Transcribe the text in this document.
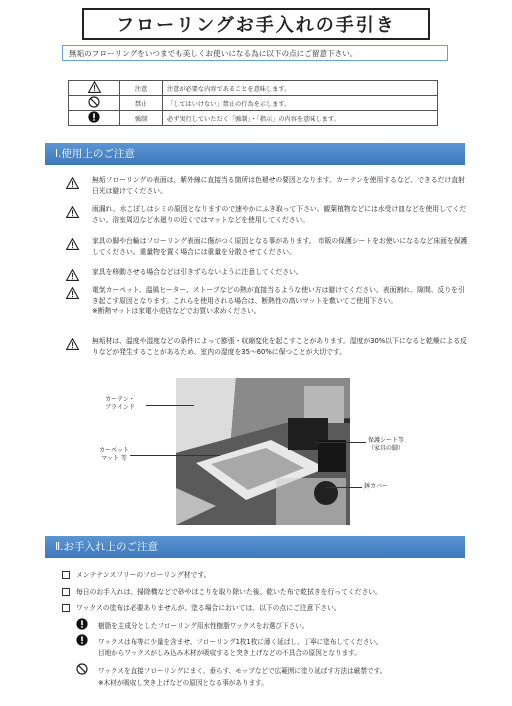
フローリングお手入れの手引き
無垢のフローリングをいつまでも美しくお使いになる為に以下の点にご留意下さい。
	注意	注意が必要な内容であることを意味します。
	禁止	「してはいけない」禁止の行為を示します。
	強制	必ず実行していただく「強制」・「指示」の内容を意味します。
Ⅰ.使用上のご注意
無垢フローリングの表面は、紫外線に直接当る箇所は色褪せの要因となります。カーテンを使用するなど、できるだけ直射日光は避けてください。
雨漏れ、水こぼしはシミの原因となりますので速やかにふき取って下さい。観葉植物などには水受け皿などを使用してください。浴室周辺など水廻りの近くではマットなどを使用してください。
家具の脚や台輪はフローリング表面に傷がつく原因となる事があります。 市販の保護シートをお使いになるなど床面を保護してください。重量物を置く場合には重量を分散させてください。
家具を移動させる場合などは引きずらないように注意してください。
電気カーペット、温風ヒーター、ストーブなどの熱が直接当るような使い方は避けてください。表面割れ、隙間、反りを引き起こす原因となります。これらを使用される場合は、断熱性の高いマットを敷いてご使用下さい。
※断熱マットは家電小売店などでお買い求めください。
無垢材は、温度や湿度などの条件によって膨張・収縮変化を起こすことがあります。湿度が30%以下になると乾燥による反りなどが発生することがあるため、室内の湿度を35～60%に保つことが大切です。
カーテン・
ブラインド
カーペット
マット 等
保護シート等
（家具の脚）
鉢カバー
Ⅱ.お手入れ上のご注意
メンテナンスフリーのフローリング材です。
毎日のお手入れは、掃除機などで砂やほこりを取り除いた後、乾いた布で乾拭きを行ってください。
ワックスの塗布は必要ありませんが、塗る場合においては、以下の点にご注意下さい。
樹脂を主成分としたフローリング用水性樹脂ワックスをお選び下さい。
ワックスは布等に少量を含ませ、フローリング1枚1枚に薄く延ばし、丁寧に塗布してください。
目地からワックスがしみ込み木材が吸収すると突き上げなどの不具合の原因となります。
ワックスを直接フローリングにまく、垂らす、モップなどで広範囲に塗り延ばす方法は厳禁です。
※木材が吸収し突き上げなどの原因となる事があります。
